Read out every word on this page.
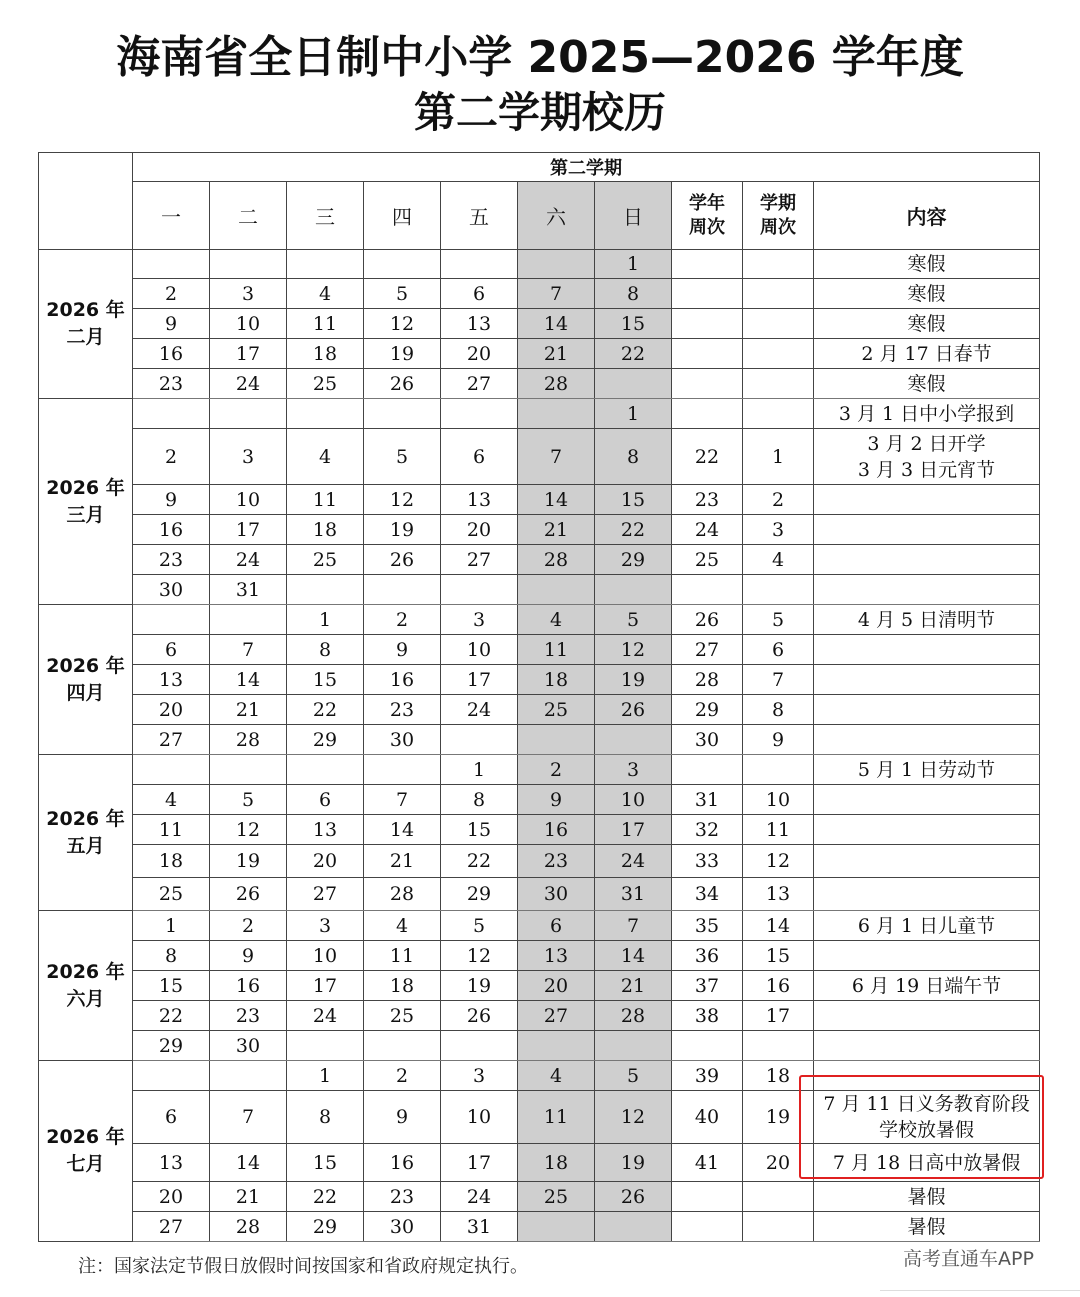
海南省全日制中小学 2025—2026 学年度
第二学期校历
	第二学期									
	一	二	三	四	五	六	日	学年周次	学期周次	内容
2026 年
二月							1			寒假
	2	3	4	5	6	7	8			寒假
	9	10	11	12	13	14	15			寒假
	16	17	18	19	20	21	22			2 月 17 日春节
	23	24	25	26	27	28				寒假
2026 年
三月							1			3 月 1 日中小学报到
	2	3	4	5	6	7	8	22	1	3 月 2 日开学
3 月 3 日元宵节
	9	10	11	12	13	14	15	23	2	
	16	17	18	19	20	21	22	24	3	
	23	24	25	26	27	28	29	25	4	
	30	31								
2026 年
四月			1	2	3	4	5	26	5	4 月 5 日清明节
	6	7	8	9	10	11	12	27	6	
	13	14	15	16	17	18	19	28	7	
	20	21	22	23	24	25	26	29	8	
	27	28	29	30				30	9	
2026 年
五月					1	2	3			5 月 1 日劳动节
	4	5	6	7	8	9	10	31	10	
	11	12	13	14	15	16	17	32	11	
	18	19	20	21	22	23	24	33	12	
	25	26	27	28	29	30	31	34	13	
2026 年
六月	1	2	3	4	5	6	7	35	14	6 月 1 日儿童节
	8	9	10	11	12	13	14	36	15	
	15	16	17	18	19	20	21	37	16	6 月 19 日端午节
	22	23	24	25	26	27	28	38	17	
	29	30								
2026 年
七月			1	2	3	4	5	39	18	
	6	7	8	9	10	11	12	40	19	7 月 11 日义务教育阶段
学校放暑假
	13	14	15	16	17	18	19	41	20	7 月 18 日高中放暑假
	20	21	22	23	24	25	26			暑假
	27	28	29	30	31					暑假
注：国家法定节假日放假时间按国家和省政府规定执行。	高考直通车APP
